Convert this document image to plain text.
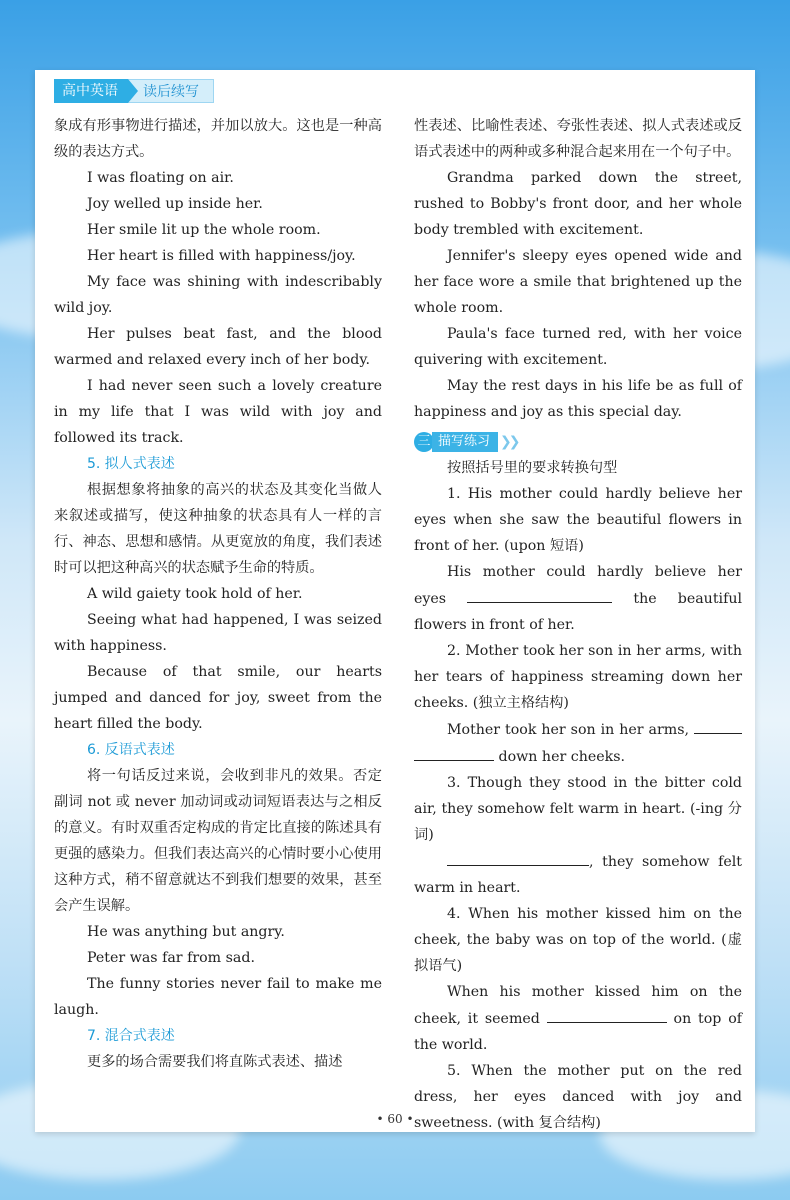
高中英语	读后续写

象成有形事物进行描述，并加以放大。这也是一种高级的表达方式。

I was floating on air.

Joy welled up inside her.

Her smile lit up the whole room.

Her heart is filled with happiness/joy.

My face was shining with indescribably wild joy.

Her pulses beat fast, and the blood warmed and relaxed every inch of her body.

I had never seen such a lovely creature in my life that I was wild with joy and followed its track.

5. 拟人式表述

根据想象将抽象的高兴的状态及其变化当做人来叙述或描写，使这种抽象的状态具有人一样的言行、神态、思想和感情。从更宽放的角度，我们表述时可以把这种高兴的状态赋予生命的特质。

A wild gaiety took hold of her.

Seeing what had happened, I was seized with happiness.

Because of that smile, our hearts jumped and danced for joy, sweet from the heart filled the body.

6. 反语式表述

将一句话反过来说，会收到非凡的效果。否定副词 not 或 never 加动词或动词短语表达与之相反的意义。有时双重否定构成的肯定比直接的陈述具有更强的感染力。但我们表达高兴的心情时要小心使用这种方式，稍不留意就达不到我们想要的效果，甚至会产生误解。

He was anything but angry.

Peter was far from sad.

The funny stories never fail to make me laugh.

7. 混合式表述

更多的场合需要我们将直陈式表述、描述

性表述、比喻性表述、夸张性表述、拟人式表述或反语式表述中的两种或多种混合起来用在一个句子中。

Grandma parked down the street, rushed to Bobby's front door, and her whole body trembled with excitement.

Jennifer's sleepy eyes opened wide and her face wore a smile that brightened up the whole room.

Paula's face turned red, with her voice quivering with excitement.

May the rest days in his life be as full of happiness and joy as this special day.

三 描写练习 ❯❯

按照括号里的要求转换句型

1. His mother could hardly believe her eyes when she saw the beautiful flowers in front of her. (upon 短语)

His mother could hardly believe her eyes	the beautiful flowers in front of her.

2. Mother took her son in her arms, with her tears of happiness streaming down her cheeks. (独立主格结构)

Mother took her son in her arms,   down her cheeks.

3. Though they stood in the bitter cold air, they somehow felt warm in heart. (-ing 分词)

, they somehow felt warm in heart.

4. When his mother kissed him on the cheek, the baby was on top of the world. (虚拟语气)

When his mother kissed him on the cheek, it seemed	on top of the world.

5. When the mother put on the red dress, her eyes danced with joy and sweetness. (with 复合结构)

• 60 •
